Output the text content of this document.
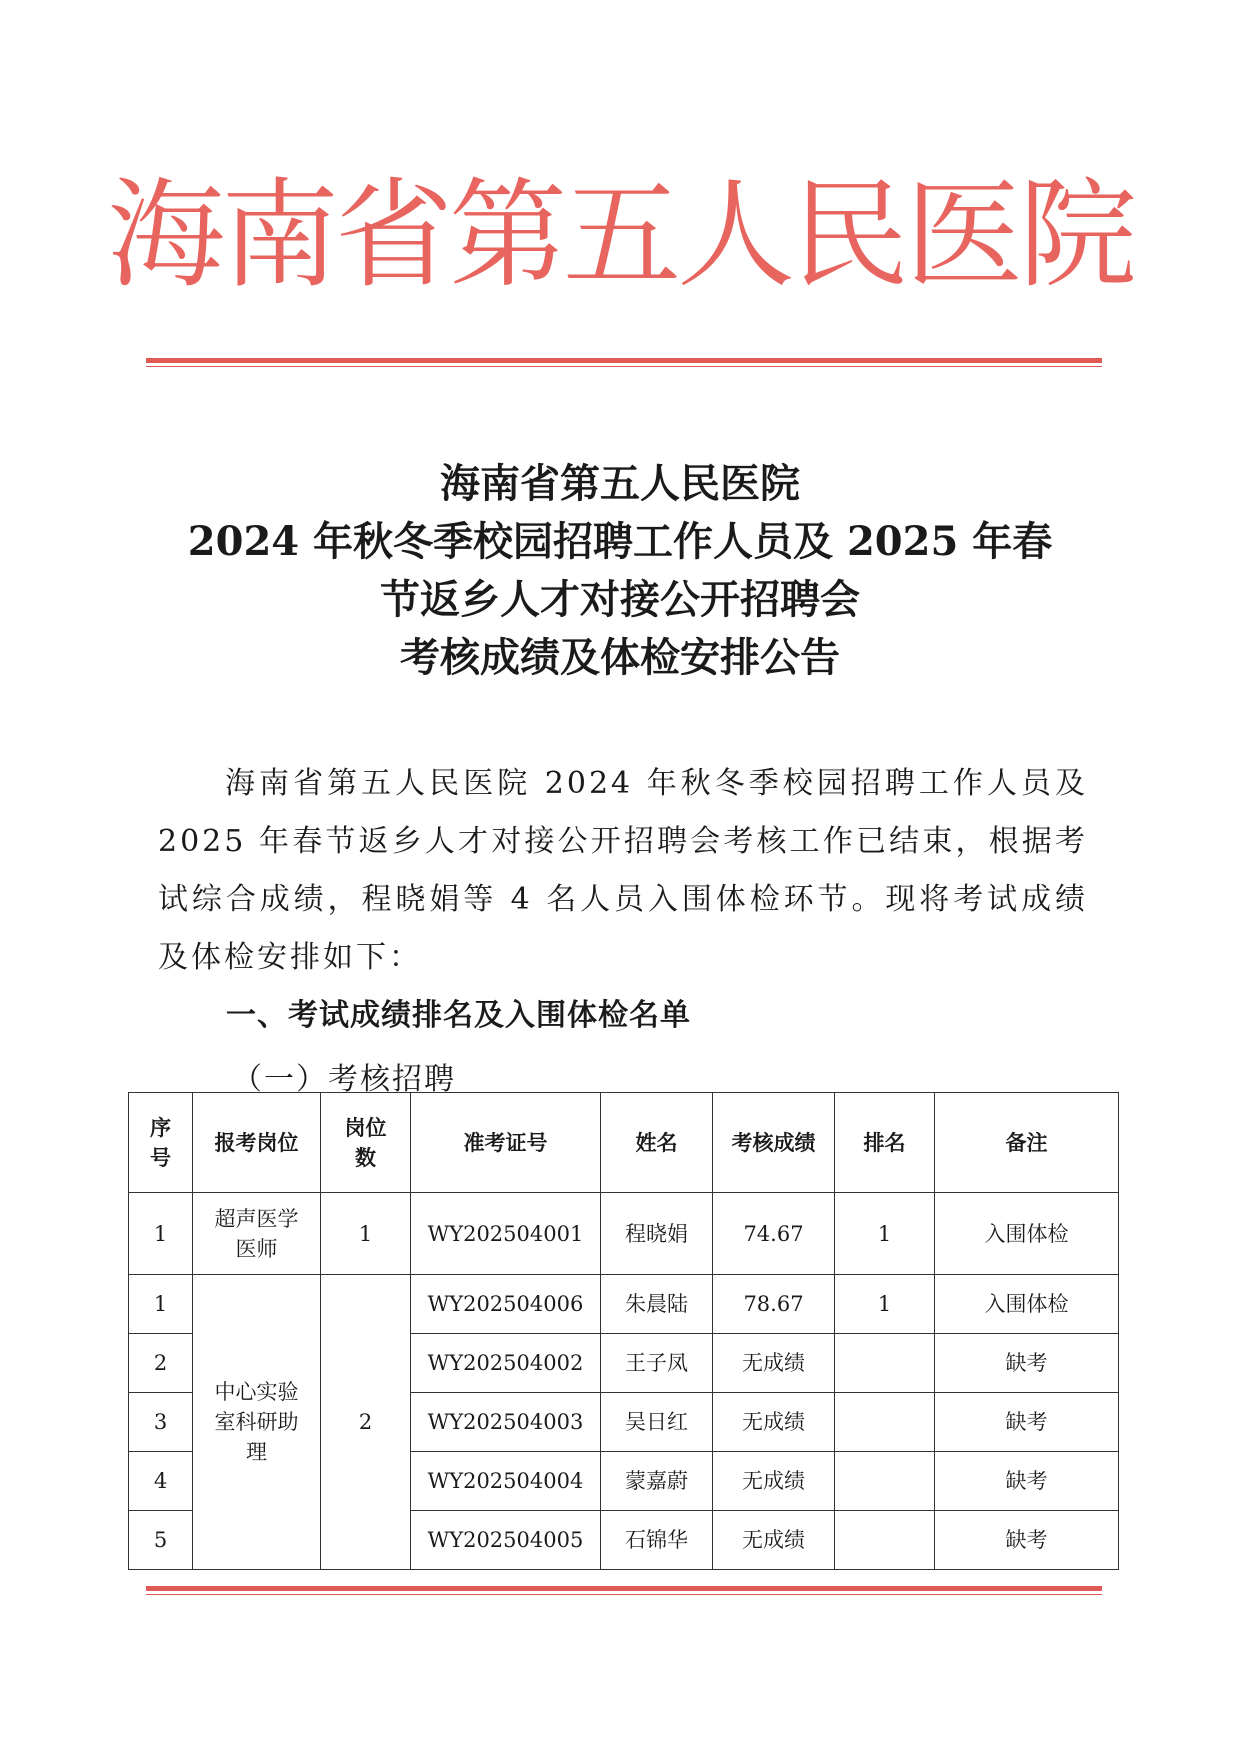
海南省第五人民医院
海南省第五人民医院
2024 年秋冬季校园招聘工作人员及 2025 年春
节返乡人才对接公开招聘会
考核成绩及体检安排公告
海南省第五人民医院 2024 年秋冬季校园招聘工作人员及 2025 年春节返乡人才对接公开招聘会考核工作已结束，根据考试综合成绩，程晓娟等 4 名人员入围体检环节。现将考试成绩及体检安排如下：
一、考试成绩排名及入围体检名单
（一）考核招聘
序号	报考岗位	岗位数	准考证号	姓名	考核成绩	排名	备注
1	超声医学医师	1	WY202504001	程晓娟	74.67	1	入围体检
1	中心实验室科研助理	2	WY202504006	朱晨陆	78.67	1	入围体检
2			WY202504002	王子凤	无成绩		缺考
3			WY202504003	吴日红	无成绩		缺考
4			WY202504004	蒙嘉蔚	无成绩		缺考
5			WY202504005	石锦华	无成绩		缺考
